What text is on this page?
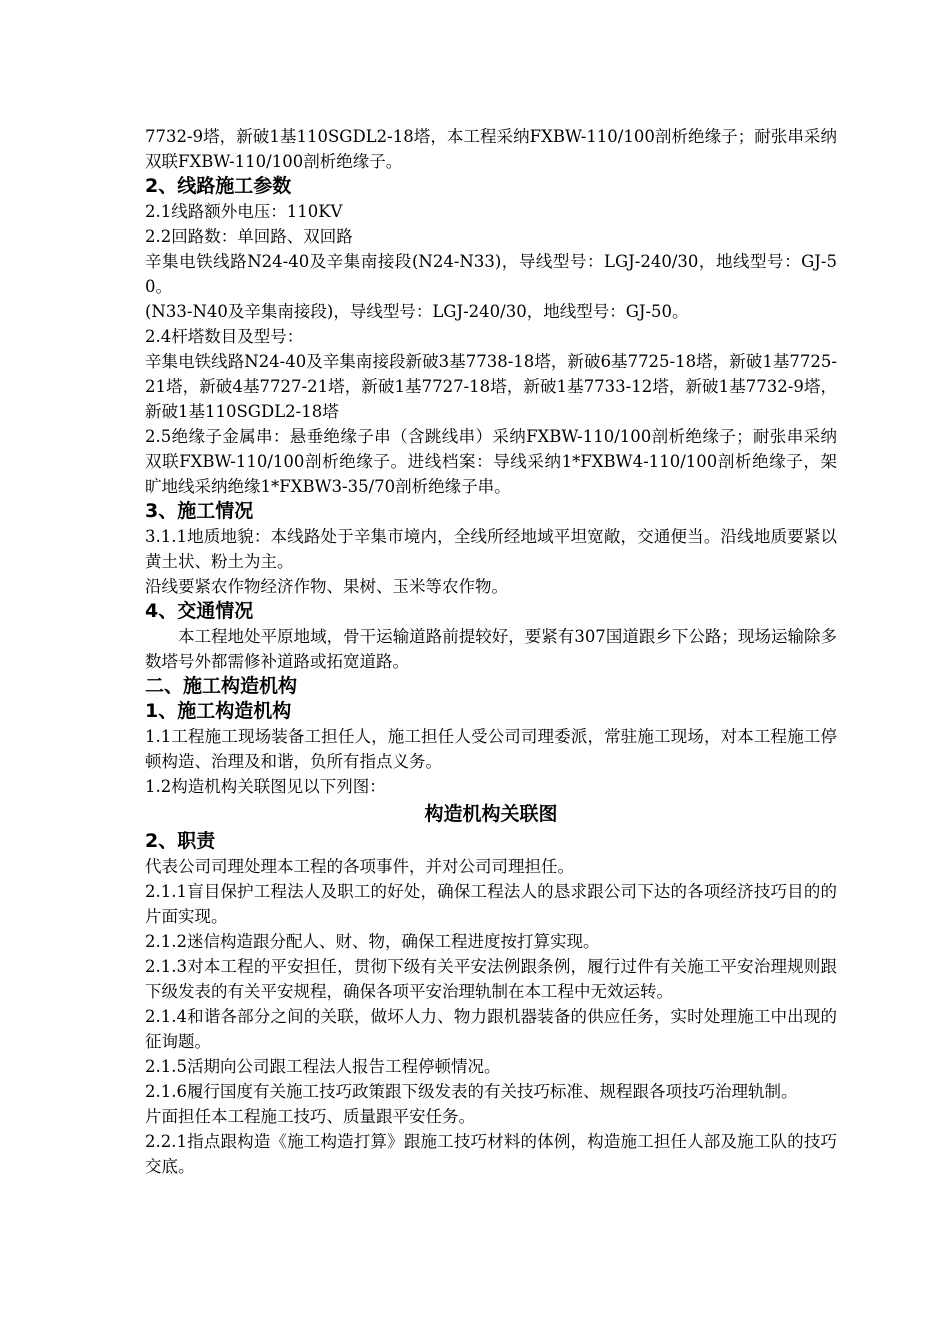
7732-9塔，新破1基110SGDL2-18塔，本工程采纳FXBW-110/100剖析绝缘子；耐张串采纳双联FXBW-110/100剖析绝缘子。

2、线路施工参数

2.1线路额外电压：110KV

2.2回路数：单回路、双回路

辛集电铁线路N24-40及辛集南接段(N24-N33)，导线型号：LGJ-240/30，地线型号：GJ-50。

(N33-N40及辛集南接段)，导线型号：LGJ-240/30，地线型号：GJ-50。

2.4杆塔数目及型号：

辛集电铁线路N24-40及辛集南接段新破3基7738-18塔，新破6基7725-18塔，新破1基7725-21塔，新破4基7727-21塔，新破1基7727-18塔，新破1基7733-12塔，新破1基7732-9塔，新破1基110SGDL2-18塔

2.5绝缘子金属串：悬垂绝缘子串（含跳线串）采纳FXBW-110/100剖析绝缘子；耐张串采纳双联FXBW-110/100剖析绝缘子。进线档案：导线采纳1*FXBW4-110/100剖析绝缘子，架旷地线采纳绝缘1*FXBW3-35/70剖析绝缘子串。

3、施工情况

3.1.1地质地貌：本线路处于辛集市境内，全线所经地域平坦宽敞，交通便当。沿线地质要紧以黄土状、粉土为主。

沿线要紧农作物经济作物、果树、玉米等农作物。

4、交通情况

本工程地处平原地域，骨干运输道路前提较好，要紧有307国道跟乡下公路；现场运输除多数塔号外都需修补道路或拓宽道路。

二、施工构造机构

1、施工构造机构

1.1工程施工现场装备工担任人，施工担任人受公司司理委派，常驻施工现场，对本工程施工停顿构造、治理及和谐，负所有指点义务。

1.2构造机构关联图见以下列图：

构造机构关联图

2、职责

代表公司司理处理本工程的各项事件，并对公司司理担任。

2.1.1盲目保护工程法人及职工的好处，确保工程法人的恳求跟公司下达的各项经济技巧目的的片面实现。

2.1.2迷信构造跟分配人、财、物，确保工程进度按打算实现。

2.1.3对本工程的平安担任，贯彻下级有关平安法例跟条例，履行过件有关施工平安治理规则跟下级发表的有关平安规程，确保各项平安治理轨制在本工程中无效运转。

2.1.4和谐各部分之间的关联，做坏人力、物力跟机器装备的供应任务，实时处理施工中出现的征询题。

2.1.5活期向公司跟工程法人报告工程停顿情况。

2.1.6履行国度有关施工技巧政策跟下级发表的有关技巧标准、规程跟各项技巧治理轨制。

片面担任本工程施工技巧、质量跟平安任务。

2.2.1指点跟构造《施工构造打算》跟施工技巧材料的体例，构造施工担任人部及施工队的技巧交底。
